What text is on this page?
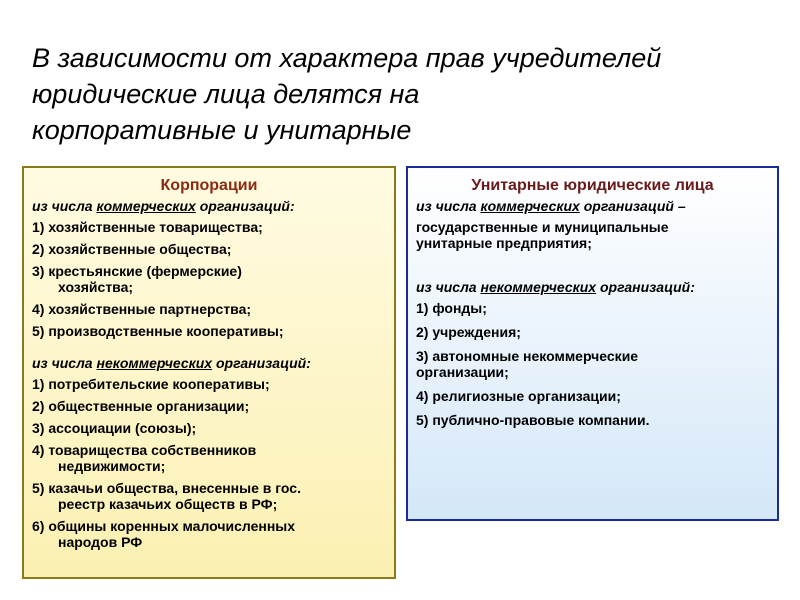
В зависимости от характера прав учредителей
юридические лица делятся на
корпоративные и унитарные
Корпорации
из числа коммерческих организаций:
1) хозяйственные товарищества;
2) хозяйственные общества;
3) крестьянские (фермерские)
хозяйства;
4) хозяйственные партнерства;
5) производственные кооперативы;
из числа некоммерческих организаций:
1) потребительские кооперативы;
2) общественные организации;
3) ассоциации (союзы);
4) товарищества собственников
недвижимости;
5) казачьи общества, внесенные в гос.
реестр казачьих обществ в РФ;
6) общины коренных малочисленных
народов РФ
Унитарные юридические лица
из числа коммерческих организаций –
государственные и муниципальные
унитарные предприятия;
из числа некоммерческих организаций:
1) фонды;
2) учреждения;
3) автономные некоммерческие
организации;
4) религиозные организации;
5) публично-правовые компании.
